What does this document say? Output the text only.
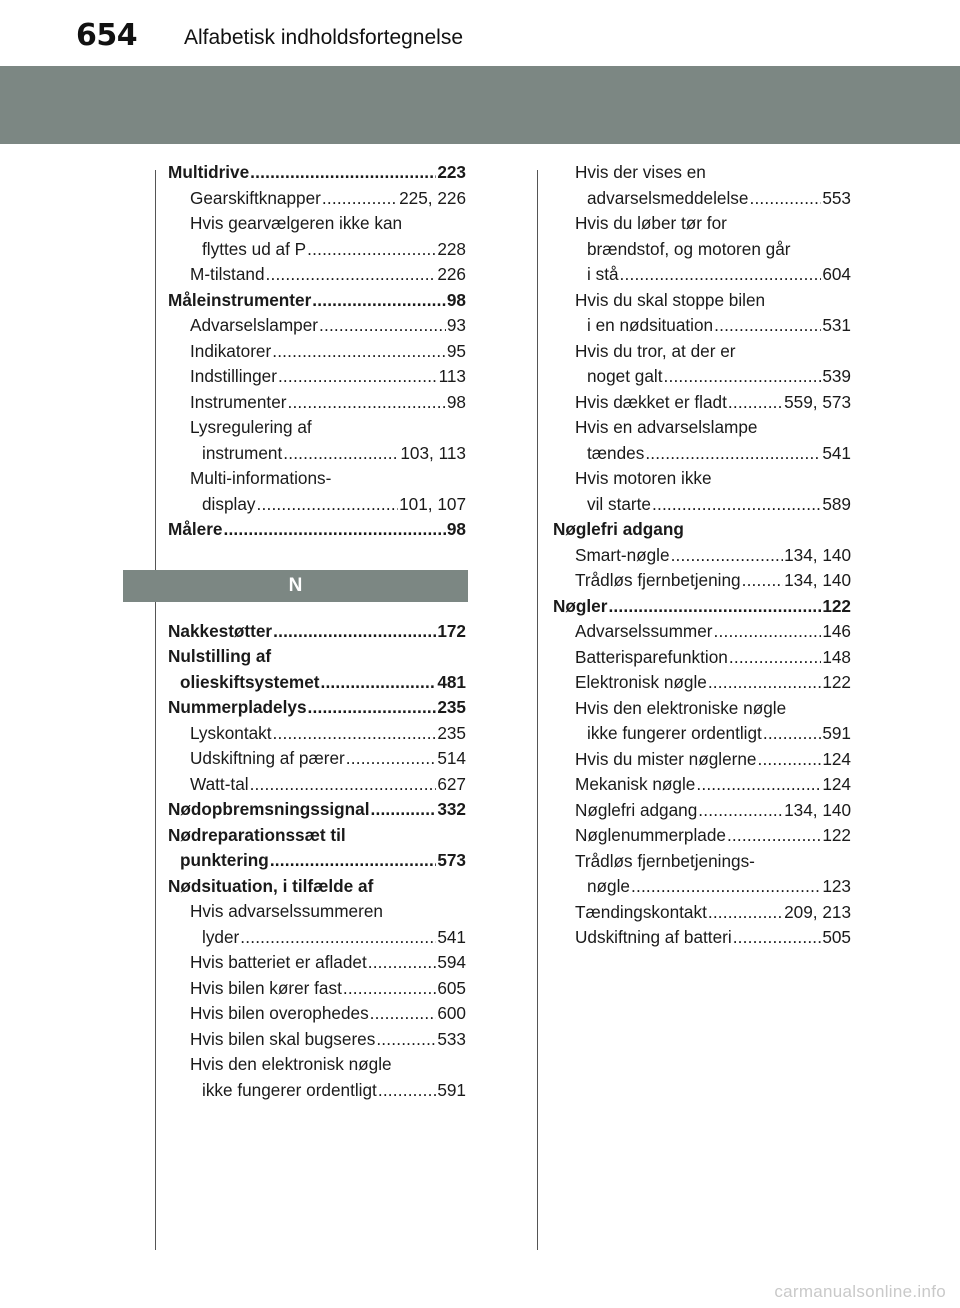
654 Alfabetisk indholdsfortegnelse
Multidrive .....	223
Gearskiftknapper .....	225, 226
Hvis gearvælgeren ikke kan
flyttes ud af P .....	228
M-tilstand .....	226
Måleinstrumenter .....	98
Advarselslamper .....	93
Indikatorer .....	95
Indstillinger .....	113
Instrumenter .....	98
Lysregulering af
instrument .....	103, 113
Multi-informations-
display .....	101, 107
Målere .....	98
N
Nakkestøtter .....	172
Nulstilling af
olieskiftsystemet .....	481
Nummerpladelys .....	235
Lyskontakt .....	235
Udskiftning af pærer .....	514
Watt-tal .....	627
Nødopbremsningssignal .....	332
Nødreparationssæt til
punktering .....	573
Nødsituation, i tilfælde af
Hvis advarselssummeren
lyder .....	541
Hvis batteriet er afladet .....	594
Hvis bilen kører fast .....	605
Hvis bilen overophedes .....	600
Hvis bilen skal bugseres .....	533
Hvis den elektronisk nøgle
ikke fungerer ordentligt .....	591
Hvis der vises en
advarselsmeddelelse .....	553
Hvis du løber tør for
brændstof, og motoren går
i stå .....	604
Hvis du skal stoppe bilen
i en nødsituation .....	531
Hvis du tror, at der er
noget galt .....	539
Hvis dækket er fladt .....	559, 573
Hvis en advarselslampe
tændes .....	541
Hvis motoren ikke
vil starte .....	589
Nøglefri adgang
Smart-nøgle .....	134, 140
Trådløs fjernbetjening .....	134, 140
Nøgler .....	122
Advarselssummer .....	146
Batterisparefunktion .....	148
Elektronisk nøgle .....	122
Hvis den elektroniske nøgle
ikke fungerer ordentligt .....	591
Hvis du mister nøglerne .....	124
Mekanisk nøgle .....	124
Nøglefri adgang .....	134, 140
Nøglenummerplade .....	122
Trådløs fjernbetjenings-
nøgle .....	123
Tændingskontakt .....	209, 213
Udskiftning af batteri .....	505
carmanualsonline.info
